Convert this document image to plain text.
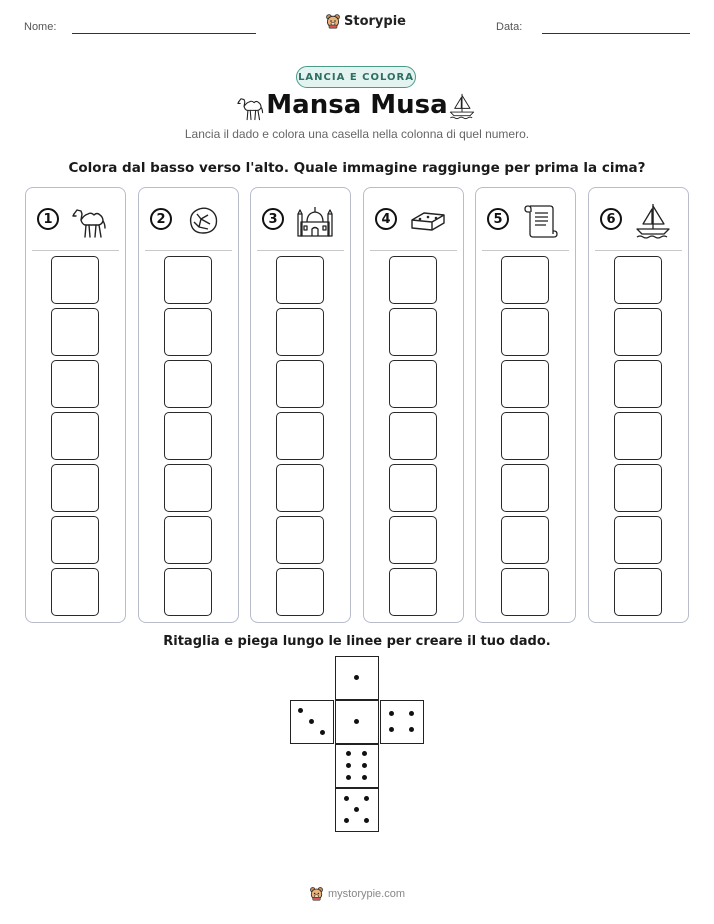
Nome:	Storypie	Data:
LANCIA E COLORA
Mansa Musa
Lancia il dado e colora una casella nella colonna di quel numero.
Colora dal basso verso l'alto. Quale immagine raggiunge per prima la cima?
1	2	3	4	5	6
Ritaglia e piega lungo le linee per creare il tuo dado.
mystorypie.com
